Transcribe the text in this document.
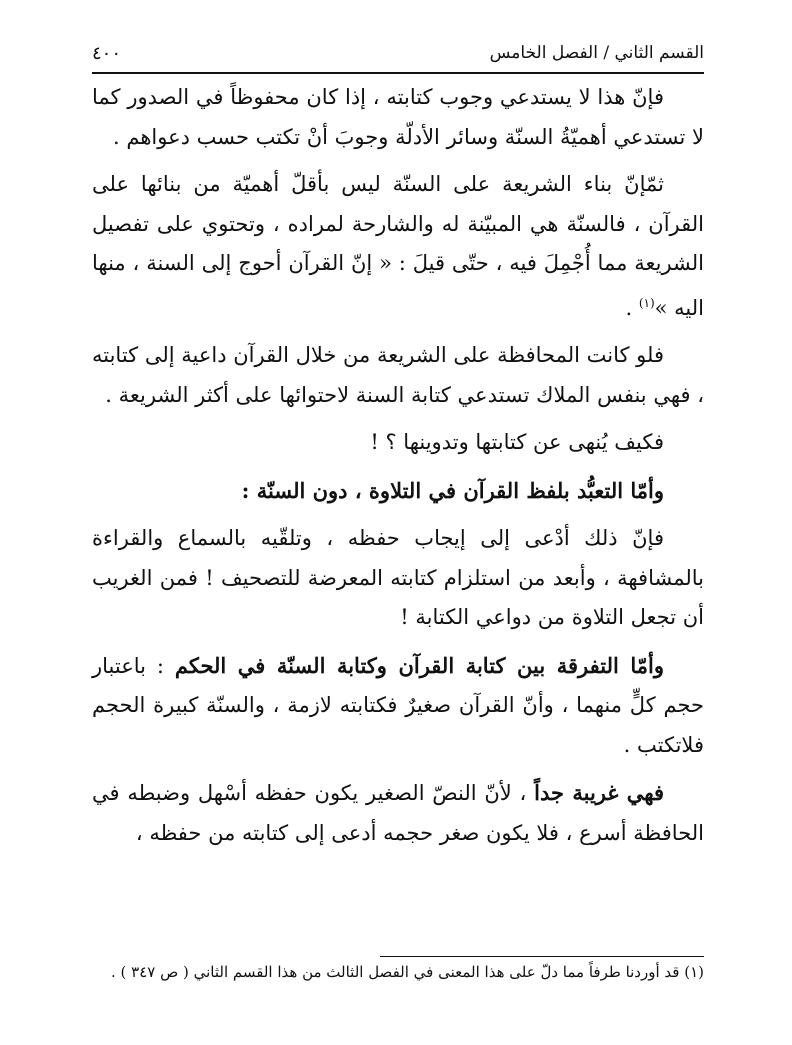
القسم الثاني / الفصل الخامس
٤٠٠

فإنّ هذا لا يستدعي وجوب كتابته ، إذا كان محفوظاً في الصدور كما لا تستدعي أهميّةُ السنّة وسائر الأدلّة وجوبَ أنْ تكتب حسب دعواهم .

ثمّإنّ بناء الشريعة على السنّة ليس بأقلّ أهميّة من بنائها على القرآن ، فالسنّة هي المبيّنة له والشارحة لمراده ، وتحتوي على تفصيل الشريعة مما أُجْمِلَ فيه ، حتّى قيلَ : « إنّ القرآن أحوج إلى السنة ، منها اليه »$^{(١)}$ .

فلو كانت المحافظة على الشريعة من خلال القرآن داعية إلى كتابته ، فهي بنفس الملاك تستدعي كتابة السنة لاحتوائها على أكثر الشريعة .

فكيف يُنهى عن كتابتها وتدوينها ؟ !

وأمّا التعبُّد بلفظ القرآن في التلاوة ، دون السنّة :

فإنّ ذلك أدْعى إلى إيجاب حفظه ، وتلقّيه بالسماع والقراءة بالمشافهة ، وأبعد من استلزام كتابته المعرضة للتصحيف ! فمن الغريب أن تجعل التلاوة من دواعي الكتابة !

وأمّا التفرقة بين كتابة القرآن وكتابة السنّة في الحكم : باعتبار حجم كلٍّ منهما ، وأنّ القرآن صغيرٌ فكتابته لازمة ، والسنّة كبيرة الحجم فلاتكتب .

فهي غريبة جداً ، لأنّ النصّ الصغير يكون حفظه أسْهل وضبطه في الحافظة أسرع ، فلا يكون صغر حجمه أدعى إلى كتابته من حفظه ،

(١) قد أوردنا طرفاً مما دلّ على هذا المعنى في الفصل الثالث من هذا القسم الثاني ( ص ٣٤٧ ) .
